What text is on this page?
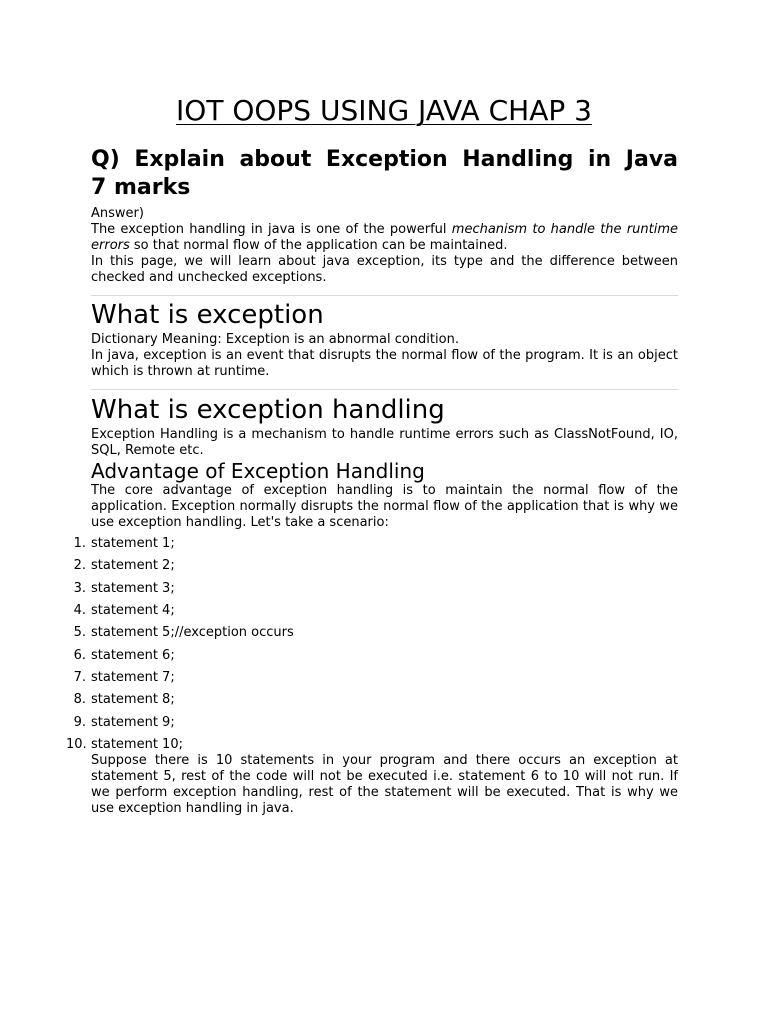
IOT OOPS USING JAVA CHAP 3
Q) Explain about Exception Handling in Java
7 marks

Answer)

The exception handling in java is one of the powerful mechanism to handle the runtime errors so that normal flow of the application can be maintained.

In this page, we will learn about java exception, its type and the difference between checked and unchecked exceptions.

What is exception

Dictionary Meaning: Exception is an abnormal condition.

In java, exception is an event that disrupts the normal flow of the program. It is an object which is thrown at runtime.

What is exception handling

Exception Handling is a mechanism to handle runtime errors such as ClassNotFound, IO, SQL, Remote etc.

Advantage of Exception Handling

The core advantage of exception handling is to maintain the normal flow of the application. Exception normally disrupts the normal flow of the application that is why we use exception handling. Let's take a scenario:

1. statement 1;
2. statement 2;
3. statement 3;
4. statement 4;
5. statement 5;//exception occurs
6. statement 6;
7. statement 7;
8. statement 8;
9. statement 9;
10. statement 10;

Suppose there is 10 statements in your program and there occurs an exception at statement 5, rest of the code will not be executed i.e. statement 6 to 10 will not run. If we perform exception handling, rest of the statement will be executed. That is why we use exception handling in java.
